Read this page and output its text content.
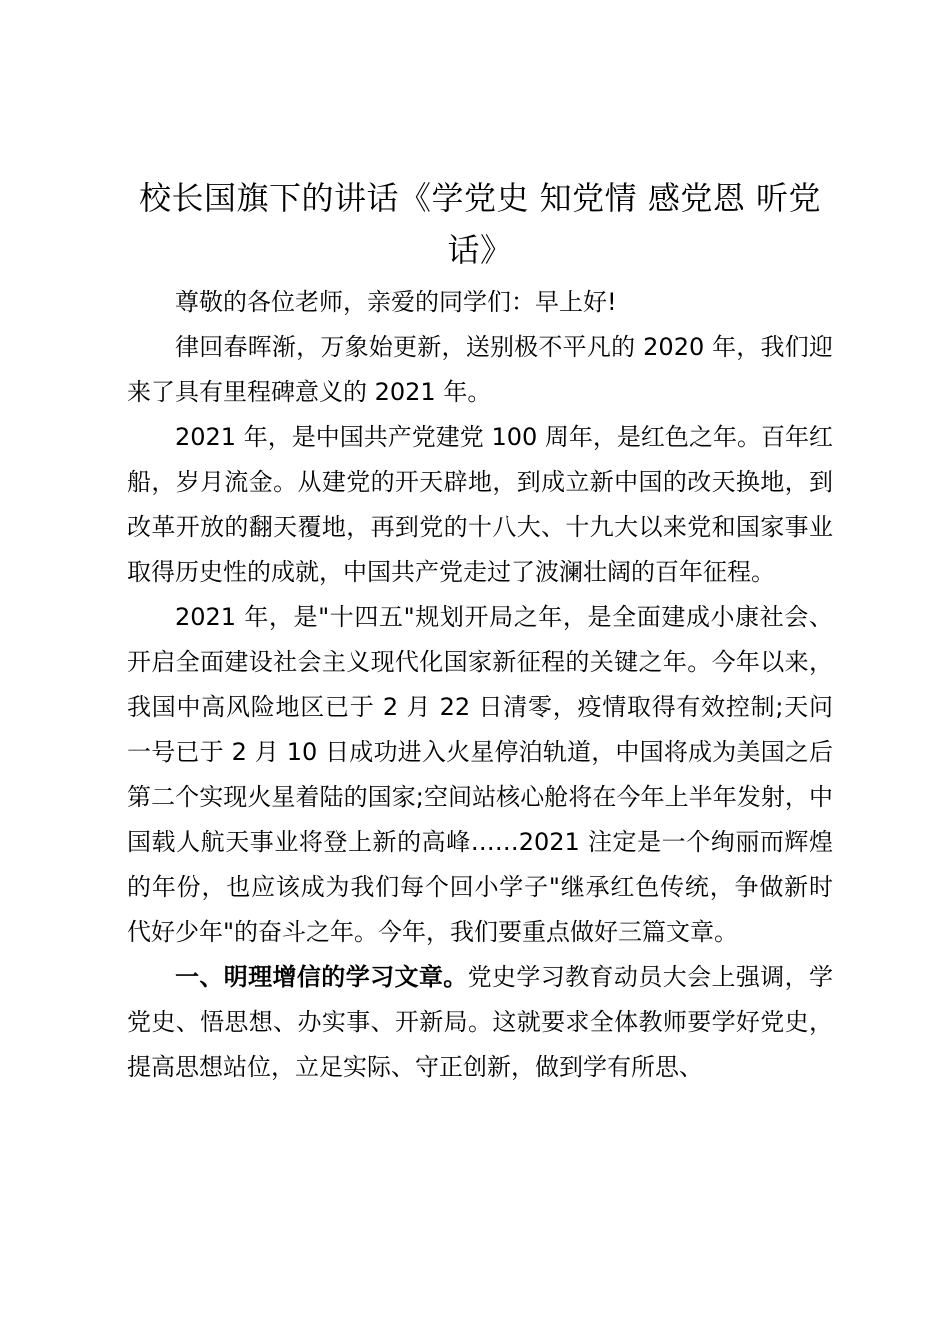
校长国旗下的讲话《学党史 知党情 感党恩 听党话》

尊敬的各位老师，亲爱的同学们：早上好!

律回春晖渐，万象始更新，送别极不平凡的 2020 年，我们迎来了具有里程碑意义的 2021 年。

2021 年，是中国共产党建党 100 周年，是红色之年。百年红船，岁月流金。从建党的开天辟地，到成立新中国的改天换地，到改革开放的翻天覆地，再到党的十八大、十九大以来党和国家事业取得历史性的成就，中国共产党走过了波澜壮阔的百年征程。

2021 年，是"十四五"规划开局之年，是全面建成小康社会、开启全面建设社会主义现代化国家新征程的关键之年。今年以来，我国中高风险地区已于 2 月 22 日清零，疫情取得有效控制;天问一号已于 2 月 10 日成功进入火星停泊轨道，中国将成为美国之后第二个实现火星着陆的国家;空间站核心舱将在今年上半年发射，中国载人航天事业将登上新的高峰……2021 注定是一个绚丽而辉煌的年份，也应该成为我们每个回小学子"继承红色传统，争做新时代好少年"的奋斗之年。今年，我们要重点做好三篇文章。

一、明理增信的学习文章。党史学习教育动员大会上强调，学党史、悟思想、办实事、开新局。这就要求全体教师要学好党史，提高思想站位，立足实际、守正创新，做到学有所思、
